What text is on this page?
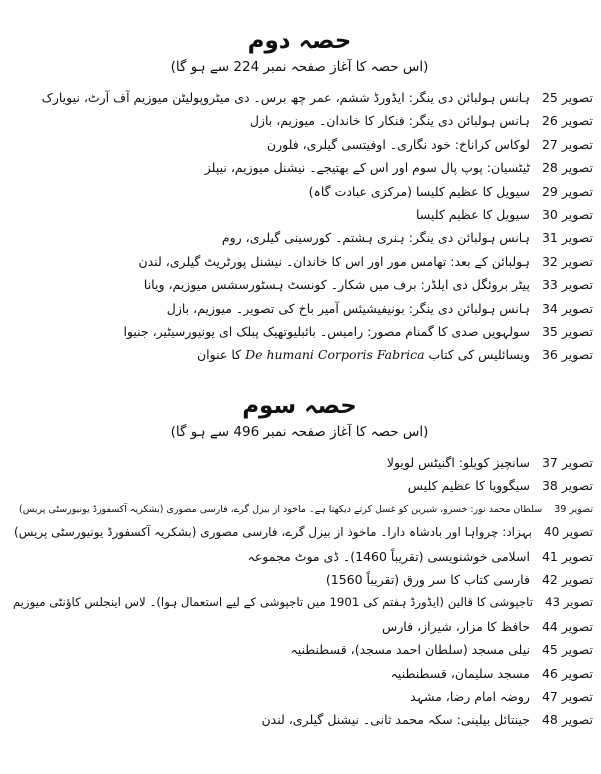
حصہ دوم
(اس حصہ کا آغاز صفحہ نمبر 224 سے ہو گا)
تصویر 25ہانس ہولبائن دی ینگر: ایڈورڈ ششم، عمر چھ برس۔ دی میٹروپولیٹن میوزیم آف آرٹ، نیویارک
تصویر 26ہانس ہولبائن دی ینگر: فنکار کا خاندان۔ میوزیم، بازل
تصویر 27لوکاس کراناخ: خود نگاری۔ اوفیتسی گیلری، فلورن
تصویر 28ٹیٹسیان: پوپ پال سوم اور اس کے بھتیجے۔ نیشنل میوزیم، نیپلز
تصویر 29سیویل کا عظیم کلیسا (مرکزی عبادت گاہ)
تصویر 30سیویل کا عظیم کلیسا
تصویر 31ہانس ہولبائن دی ینگر: ہنری ہشتم۔ کورسینی گیلری، روم
تصویر 32ہولبائن کے بعد: تھامس مور اور اس کا خاندان۔ نیشنل پورٹریٹ گیلری، لندن
تصویر 33پیٹر بروئگل دی ایلڈر: برف میں شکار۔ کونسٹ ہسٹورسشس میوزیم، ویانا
تصویر 34ہانس ہولبائن دی ینگر: بونیفیشیئس آمیر باخ کی تصویر۔ میوزیم، بازل
تصویر 35سولہویں صدی کا گمنام مصور: رامیس۔ بائبلیوتھیک پبلک ای یونیورسیٹیر، جنیوا
تصویر 36ویسائلیس کی کتاب De humani Corporis Fabrica کا عنوان
حصہ سوم
(اس حصہ کا آغاز صفحہ نمبر 496 سے ہو گا)
تصویر 37سانچیز کویلو: اگنیٹس لویولا
تصویر 38سیگوویا کا عظیم کلیس
تصویر 39سلطان محمد نور: خسرو، شیرین کو غسل کرتے دیکھتا ہے۔ ماخوذ از بیزل گرے، فارسی مصوری (بشکریہ آکسفورڈ یونیورسٹی پریس)
تصویر 40بہزاد: چرواہا اور بادشاہ دارا۔ ماخوذ از بیزل گرے، فارسی مصوری (بشکریہ آکسفورڈ یونیورسٹی پریس)
تصویر 41اسلامی خوشنویسی (تقریباً 1460)۔ ڈی موٹ مجموعہ
تصویر 42فارسی کتاب کا سر ورق (تقریباً 1560)
تصویر 43تاجپوشی کا قالین (ایڈورڈ ہفتم کی 1901 میں تاجپوشی کے لیے استعمال ہوا)۔ لاس اینجلس کاؤنٹی میوزیم
تصویر 44حافظ کا مزار، شیراز، فارس
تصویر 45نیلی مسجد (سلطان احمد مسجد)، قسطنطنیہ
تصویر 46مسجد سلیمان، قسطنطنیہ
تصویر 47روضہ امام رضا، مشہد
تصویر 48جینتائل بیلینی: سکہ محمد ثانی۔ نیشنل گیلری، لندن
